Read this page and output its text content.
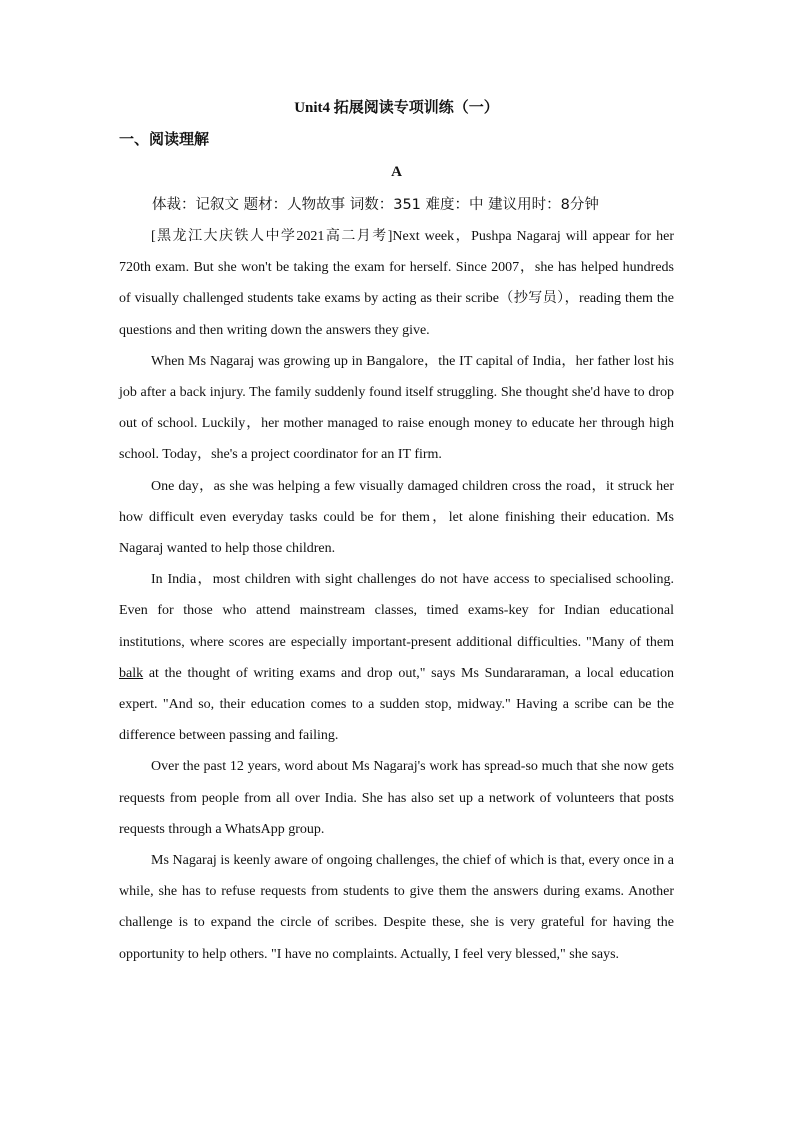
Unit4 拓展阅读专项训练（一）
一、阅读理解
A
体裁：记叙文 题材：人物故事 词数：351 难度：中 建议用时：8分钟

[黑龙江大庆铁人中学2021高二月考]Next week，Pushpa Nagaraj will appear for her 720th exam. But she won't be taking the exam for herself. Since 2007，she has helped hundreds of visually challenged students take exams by acting as their scribe（抄写员），reading them the questions and then writing down the answers they give.

When Ms Nagaraj was growing up in Bangalore，the IT capital of India，her father lost his job after a back injury. The family suddenly found itself struggling. She thought she'd have to drop out of school. Luckily，her mother managed to raise enough money to educate her through high school. Today，she's a project coordinator for an IT firm.

One day，as she was helping a few visually damaged children cross the road，it struck her how difficult even everyday tasks could be for them，let alone finishing their education. Ms Nagaraj wanted to help those children.

In India，most children with sight challenges do not have access to specialised schooling. Even for those who attend mainstream classes, timed exams-key for Indian educational institutions, where scores are especially important-present additional difficulties. "Many of them balk at the thought of writing exams and drop out," says Ms Sundararaman, a local education expert. "And so, their education comes to a sudden stop, midway." Having a scribe can be the difference between passing and failing.

Over the past 12 years, word about Ms Nagaraj's work has spread-so much that she now gets requests from people from all over India. She has also set up a network of volunteers that posts requests through a WhatsApp group.

Ms Nagaraj is keenly aware of ongoing challenges, the chief of which is that, every once in a while, she has to refuse requests from students to give them the answers during exams. Another challenge is to expand the circle of scribes. Despite these, she is very grateful for having the opportunity to help others. "I have no complaints. Actually, I feel very blessed," she says.
